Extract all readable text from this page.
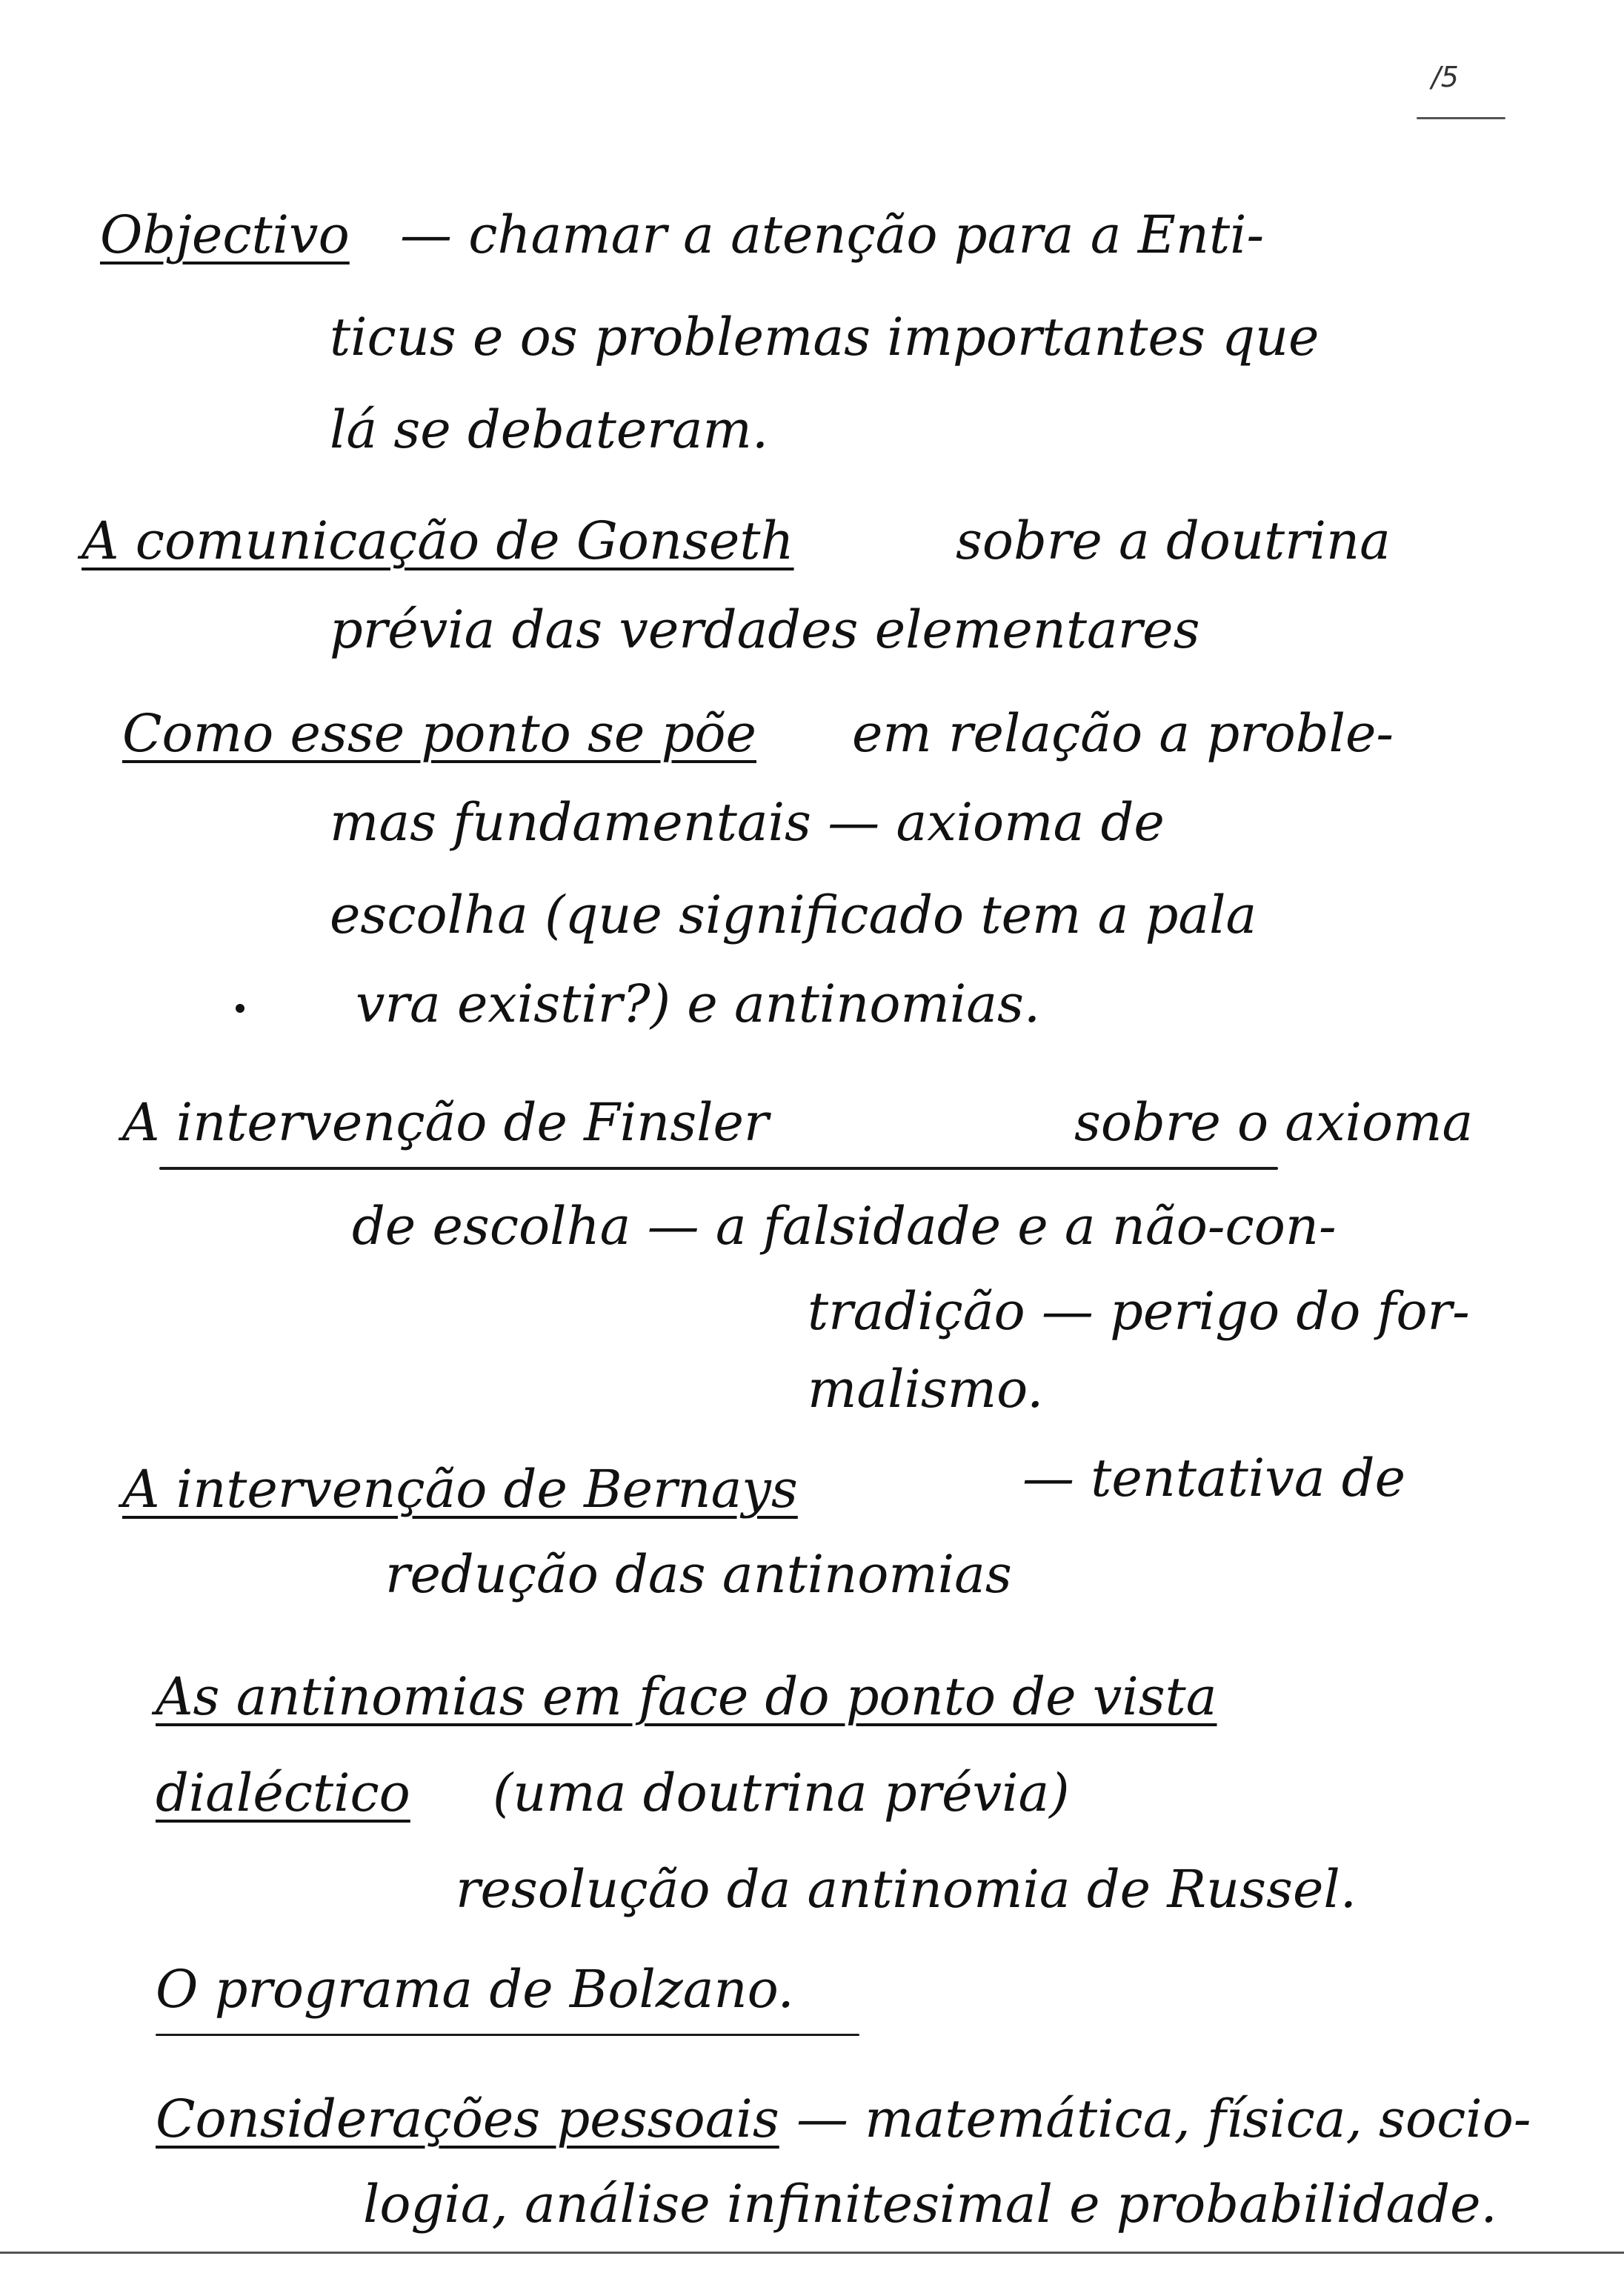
/5
Objectivo — chamar a atenção para a Enti-
ticus e os problemas importantes que
lá se debateram.
A comunicação de Gonseth	sobre a doutrina
prévia das verdades elementares
Como esse ponto se põe em relação a proble-
mas fundamentais — axioma de
escolha (que significado tem a pala
vra existir?) e antinomias.
A intervenção de Finsler	sobre o axioma
de escolha — a falsidade e a não-con-
tradição — perigo do for-
malismo.
A intervenção de Bernays	— tentativa de
redução das antinomias
As antinomias em face do ponto de vista
dialéctico (uma doutrina prévia)
resolução da antinomia de Russel.
O programa de Bolzano.
Considerações pessoais — matemática, física, socio-
logia, análise infinitesimal e probabilidade.
